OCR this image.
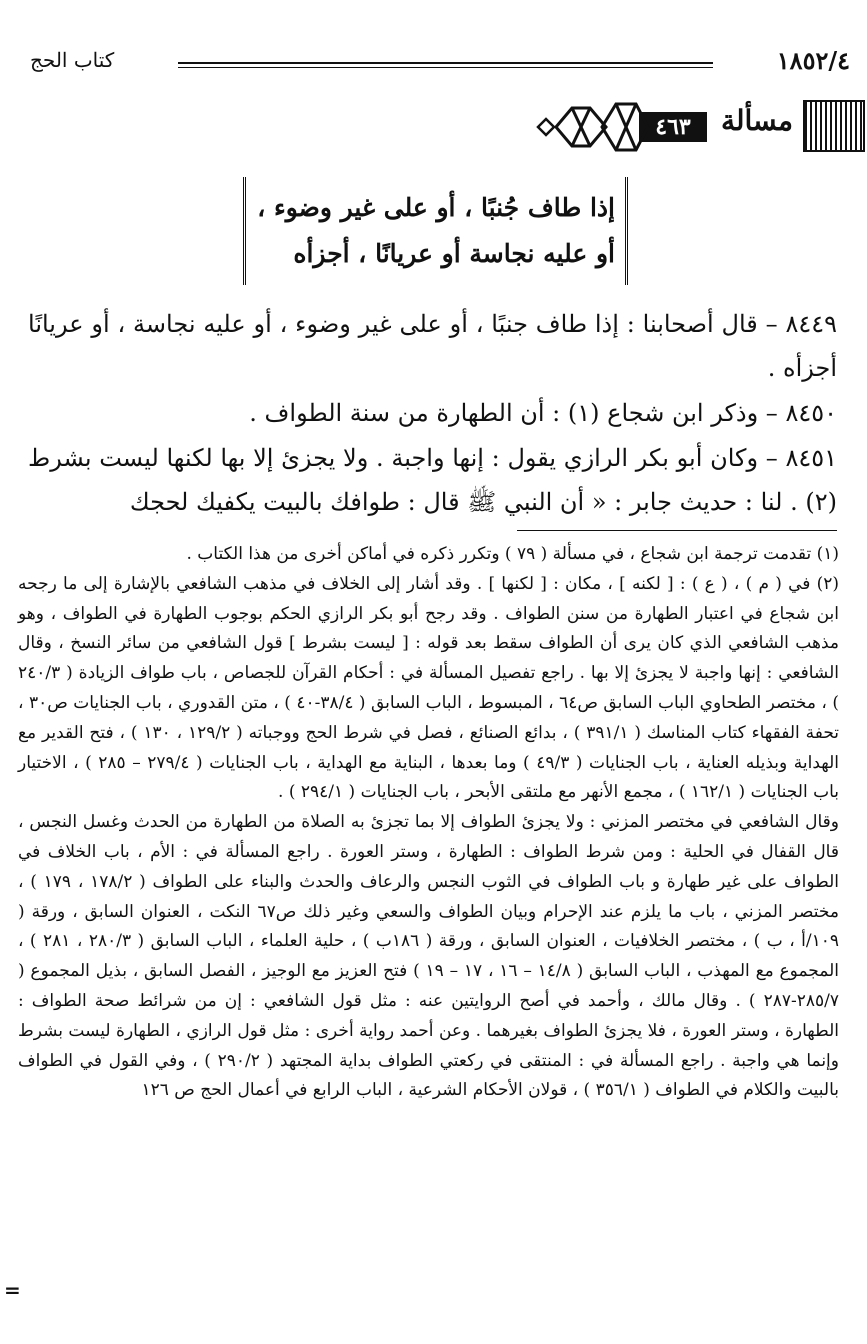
١٨٥٢/٤
كتاب الحج
مسألة
٤٦٣
إذا طاف جُنبًا ، أو على غير وضوء ،
أو عليه نجاسة أو عريانًا ، أجزأه
٨٤٤٩ – قال أصحابنا : إذا طاف جنبًا ، أو على غير وضوء ، أو عليه نجاسة ، أو عريانًا أجزأه .
٨٤٥٠ – وذكر ابن شجاع (١) : أن الطهارة من سنة الطواف .
٨٤٥١ – وكان أبو بكر الرازي يقول : إنها واجبة . ولا يجزئ إلا بها لكنها ليست بشرط (٢) . لنا : حديث جابر : « أن النبي ﷺ قال : طوافك بالبيت يكفيك لحجك

(١) تقدمت ترجمة ابن شجاع ، في مسألة ( ٧٩ ) وتكرر ذكره في أماكن أخرى من هذا الكتاب .

(٢) في ( م ) ، ( ع ) : [ لكنه ] ، مكان : [ لكنها ] . وقد أشار إلى الخلاف في مذهب الشافعي بالإشارة إلى ما رجحه ابن شجاع في اعتبار الطهارة من سنن الطواف . وقد رجح أبو بكر الرازي الحكم بوجوب الطهارة في الطواف ، وهو مذهب الشافعي الذي كان يرى أن الطواف سقط بعد قوله : [ ليست بشرط ] قول الشافعي من سائر النسخ ، وقال الشافعي : إنها واجبة لا يجزئ إلا بها . راجع تفصيل المسألة في : أحكام القرآن للجصاص ، باب طواف الزيادة ( ٢٤٠/٣ ) ، مختصر الطحاوي الباب السابق ص٦٤ ، المبسوط ، الباب السابق ( ٣٨/٤-٤٠ ) ، متن القدوري ، باب الجنايات ص٣٠ ، تحفة الفقهاء كتاب المناسك ( ٣٩١/١ ) ، بدائع الصنائع ، فصل في شرط الحج ووجباته ( ١٢٩/٢ ، ١٣٠ ) ، فتح القدير مع الهداية وبذيله العناية ، باب الجنايات ( ٤٩/٣ ) وما بعدها ، البناية مع الهداية ، باب الجنايات ( ٢٧٩/٤ – ٢٨٥ ) ، الاختيار باب الجنايات ( ١٦٢/١ ) ، مجمع الأنهر مع ملتقى الأبحر ، باب الجنايات ( ٢٩٤/١ ) .

وقال الشافعي في مختصر المزني : ولا يجزئ الطواف إلا بما تجزئ به الصلاة من الطهارة من الحدث وغسل النجس ، قال القفال في الحلية : ومن شرط الطواف : الطهارة ، وستر العورة . راجع المسألة في : الأم ، باب الخلاف في الطواف على غير طهارة و باب الطواف في الثوب النجس والرعاف والحدث والبناء على الطواف ( ١٧٨/٢ ، ١٧٩ ) ، مختصر المزني ، باب ما يلزم عند الإحرام وبيان الطواف والسعي وغير ذلك ص٦٧ النكت ، العنوان السابق ، ورقة ( ١٠٩/أ ، ب ) ، مختصر الخلافيات ، العنوان السابق ، ورقة ( ١٨٦ب ) ، حلية العلماء ، الباب السابق ( ٢٨٠/٣ ، ٢٨١ ) ، المجموع مع المهذب ، الباب السابق ( ١٤/٨ – ١٦ ، ١٧ – ١٩ ) فتح العزيز مع الوجيز ، الفصل السابق ، بذيل المجموع ( ٢٨٥/٧-٢٨٧ ) . وقال مالك ، وأحمد في أصح الروايتين عنه : مثل قول الشافعي : إن من شرائط صحة الطواف : الطهارة ، وستر العورة ، فلا يجزئ الطواف بغيرهما . وعن أحمد رواية أخرى : مثل قول الرازي ، الطهارة ليست بشرط وإنما هي واجبة . راجع المسألة في : المنتقى في ركعتي الطواف بداية المجتهد ( ٢٩٠/٢ ) ، وفي القول في الطواف بالبيت والكلام في الطواف ( ٣٥٦/١ ) ، قولان الأحكام الشرعية ، الباب الرابع في أعمال الحج ص ١٢٦

=
